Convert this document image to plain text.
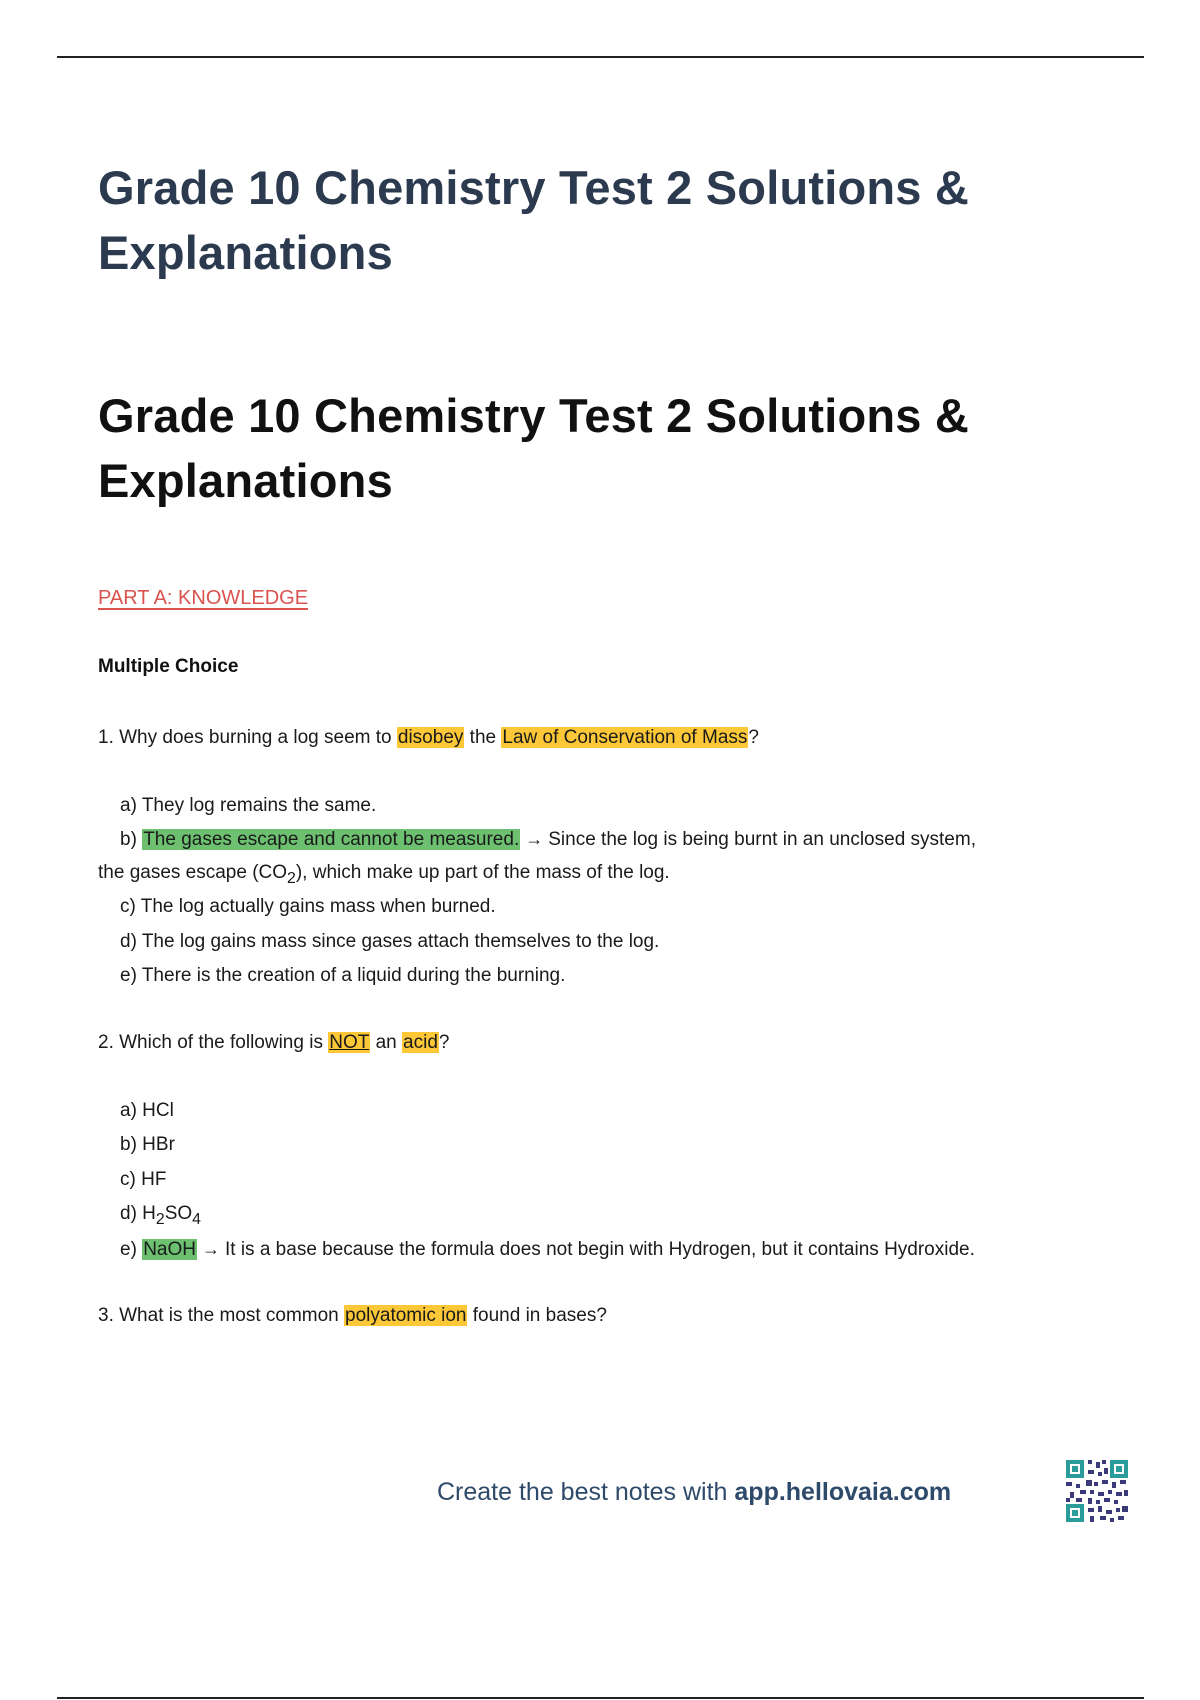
Grade 10 Chemistry Test 2 Solutions & Explanations
Grade 10 Chemistry Test 2 Solutions & Explanations

PART A: KNOWLEDGE

Multiple Choice

1. Why does burning a log seem to disobey the Law of Conservation of Mass?

a) They log remains the same.

b) The gases escape and cannot be measured. → Since the log is being burnt in an unclosed system,

the gases escape $(CO_2)$, which make up part of the mass of the log.

c) The log actually gains mass when burned.

d) The log gains mass since gases attach themselves to the log.

e) There is the creation of a liquid during the burning.

2. Which of the following is NOT an acid?

a) HCl

b) HBr

c) HF

d) $H_2SO_4$

e) NaOH → It is a base because the formula does not begin with Hydrogen, but it contains Hydroxide.

3. What is the most common polyatomic ion found in bases?

Create the best notes with app.hellovaia.com
